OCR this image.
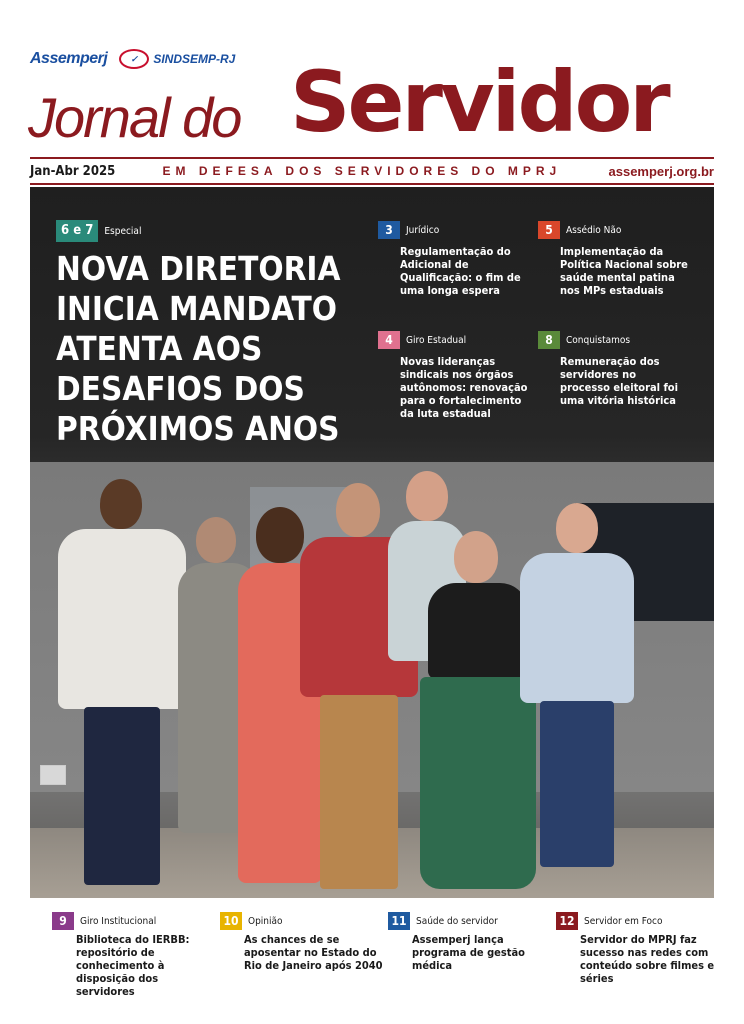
Assemperj	✓	SINDSEMP-RJ
Jornal do Servidor
Jan-Abr 2025	EM DEFESA DOS SERVIDORES DO MPRJ	assemperj.org.br
6 e 7	Especial
NOVA DIRETORIA INICIA MANDATO ATENTA AOS DESAFIOS DOS PRÓXIMOS ANOS
3	Jurídico
Regulamentação do Adicional de Qualificação: o fim de uma longa espera
5	Assédio Não
Implementação da Política Nacional sobre saúde mental patina nos MPs estaduais
4	Giro Estadual
Novas lideranças sindicais nos órgãos autônomos: renovação para o fortalecimento da luta estadual
8	Conquistamos
Remuneração dos servidores no processo eleitoral foi uma vitória histórica
9	Giro Institucional
Biblioteca do IERBB: repositório de conhecimento à disposição dos servidores
10 Opinião
As chances de se aposentar no Estado do Rio de Janeiro após 2040
11 Saúde do servidor
Assemperj lança programa de gestão médica
12 Servidor em Foco
Servidor do MPRJ faz sucesso nas redes com conteúdo sobre filmes e séries
